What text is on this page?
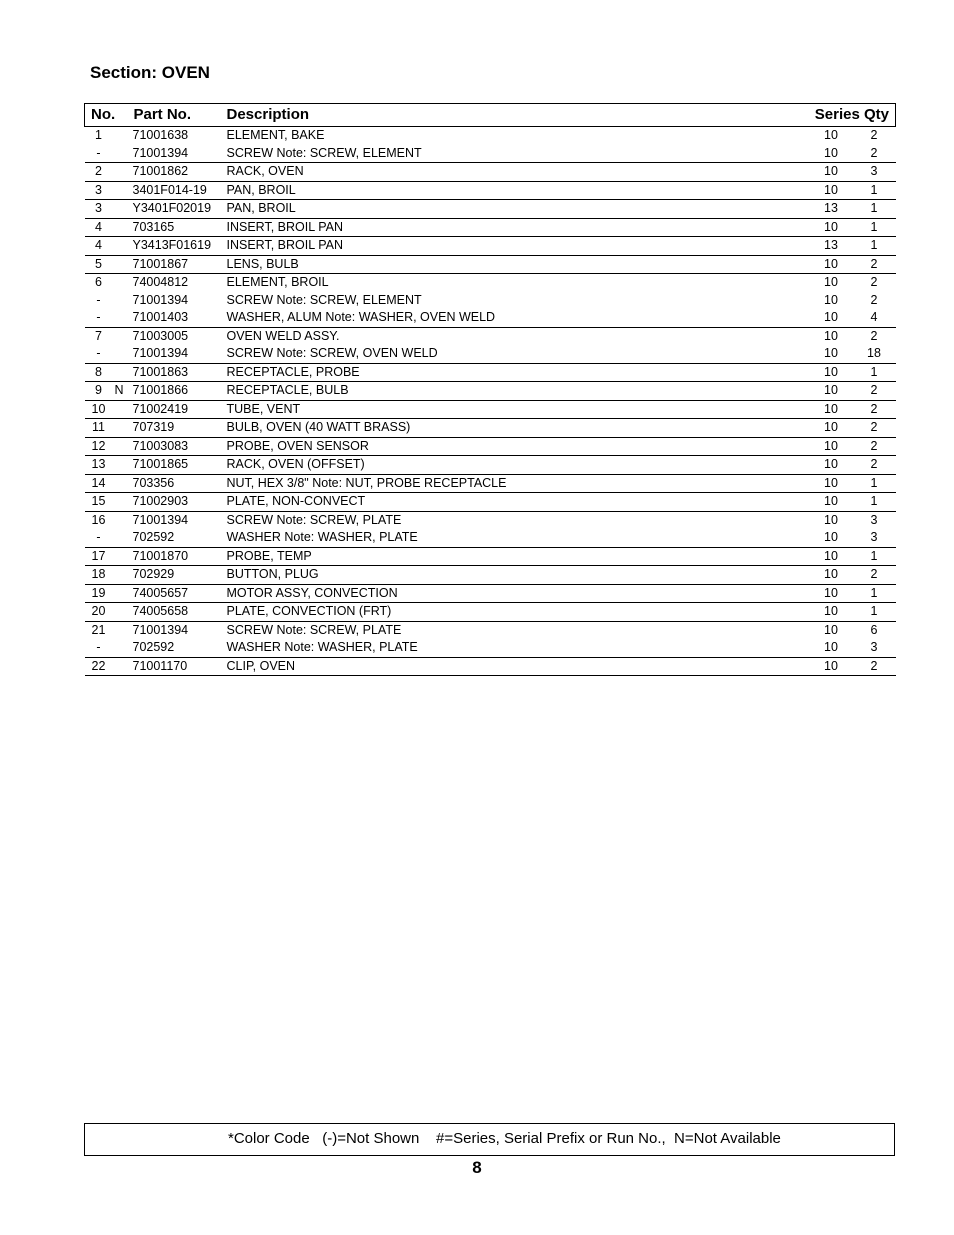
Section: OVEN
No.	Part No.	Description	Series Qty	

1	71001638	ELEMENT, BAKE	10	2

-	71001394	SCREW Note: SCREW, ELEMENT	10	2

2	71001862	RACK, OVEN	10	3

3	3401F014-19	PAN, BROIL	10	1

3	Y3401F02019	PAN, BROIL	13	1

4	703165	INSERT, BROIL PAN	10	1

4	Y3413F01619	INSERT, BROIL PAN	13	1

5	71001867	LENS, BULB	10	2

6	74004812	ELEMENT, BROIL	10	2

-	71001394	SCREW Note: SCREW, ELEMENT	10	2

-	71001403	WASHER, ALUM Note: WASHER, OVEN WELD	10	4

7	71003005	OVEN WELD ASSY.	10	2

-	71001394	SCREW Note: SCREW, OVEN WELD	10	18

8	71001863	RECEPTACLE, PROBE	10	1

9 N	71001866	RECEPTACLE, BULB	10	2

10	71002419	TUBE, VENT	10	2

11	707319	BULB, OVEN (40 WATT BRASS)	10	2

12	71003083	PROBE, OVEN SENSOR	10	2

13	71001865	RACK, OVEN (OFFSET)	10	2

14	703356	NUT, HEX 3/8" Note: NUT, PROBE RECEPTACLE	10	1

15	71002903	PLATE, NON-CONVECT	10	1

16	71001394	SCREW Note: SCREW, PLATE	10	3

-	702592	WASHER Note: WASHER, PLATE	10	3

17	71001870	PROBE, TEMP	10	1

18	702929	BUTTON, PLUG	10	2

19	74005657	MOTOR ASSY, CONVECTION	10	1

20	74005658	PLATE, CONVECTION (FRT)	10	1

21	71001394	SCREW Note: SCREW, PLATE	10	6

-	702592	WASHER Note: WASHER, PLATE	10	3

22	71001170	CLIP, OVEN	10	2
*Color Code   (-)=Not Shown    #=Series, Serial Prefix or Run No.,  N=Not Available
8
